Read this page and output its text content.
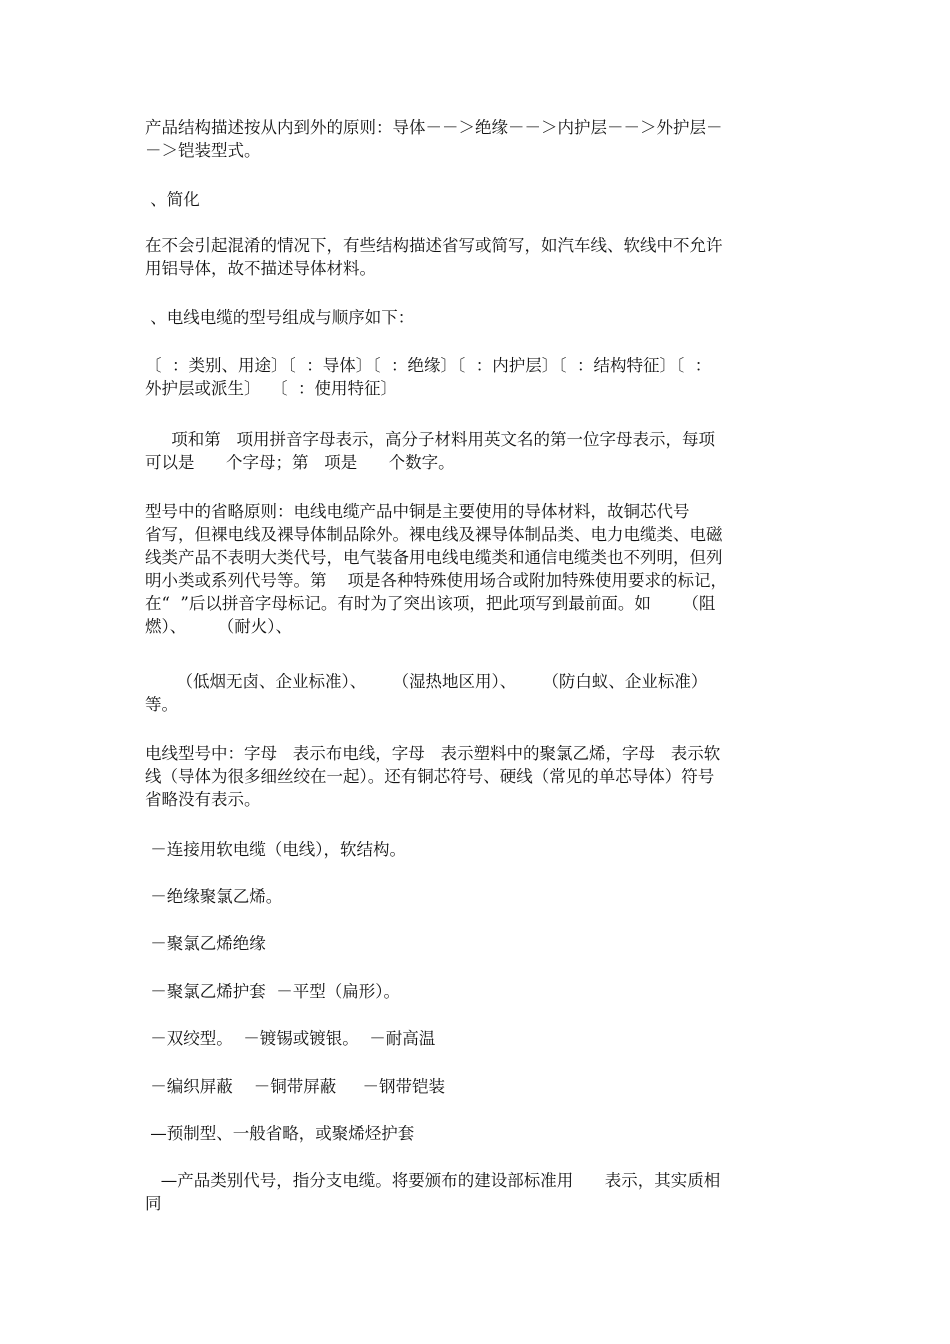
产品结构描述按从内到外的原则：导体－－＞绝缘－－＞内护层－－＞外护层－
－＞铠装型式。

、简化

在不会引起混淆的情况下，有些结构描述省写或简写，如汽车线、软线中不允许
用铝导体，故不描述导体材料。

、电线电缆的型号组成与顺序如下：

〔  ：类别、用途〕〔  ：导体〕〔  ：绝缘〕〔  ：内护层〕〔  ：结构特征〕〔  ：
外护层或派生〕  〔  ：使用特征〕

项和第   项用拼音字母表示，高分子材料用英文名的第一位字母表示，每项
可以是      个字母；第   项是      个数字。

型号中的省略原则：电线电缆产品中铜是主要使用的导体材料，故铜芯代号
省写，但裸电线及裸导体制品除外。裸电线及裸导体制品类、电力电缆类、电磁
线类产品不表明大类代号，电气装备用电线电缆类和通信电缆类也不列明，但列
明小类或系列代号等。第    项是各种特殊使用场合或附加特殊使用要求的标记，
在“  ”后以拼音字母标记。有时为了突出该项，把此项写到最前面。如      （阻
燃）、      （耐火）、

（低烟无卤、企业标准）、     （湿热地区用）、     （防白蚁、企业标准）
等。

电线型号中：字母   表示布电线，字母   表示塑料中的聚氯乙烯，字母   表示软
线（导体为很多细丝绞在一起）。还有铜芯符号、硬线（常见的单芯导体）符号
省略没有表示。

－连接用软电缆（电线），软结构。

－绝缘聚氯乙烯。

－聚氯乙烯绝缘

－聚氯乙烯护套  －平型（扁形）。

－双绞型。  －镀锡或镀银。  －耐高温

－编织屏蔽    －铜带屏蔽     －钢带铠装

—预制型、一般省略，或聚烯烃护套

—产品类别代号，指分支电缆。将要颁布的建设部标准用      表示，其实质相
同
